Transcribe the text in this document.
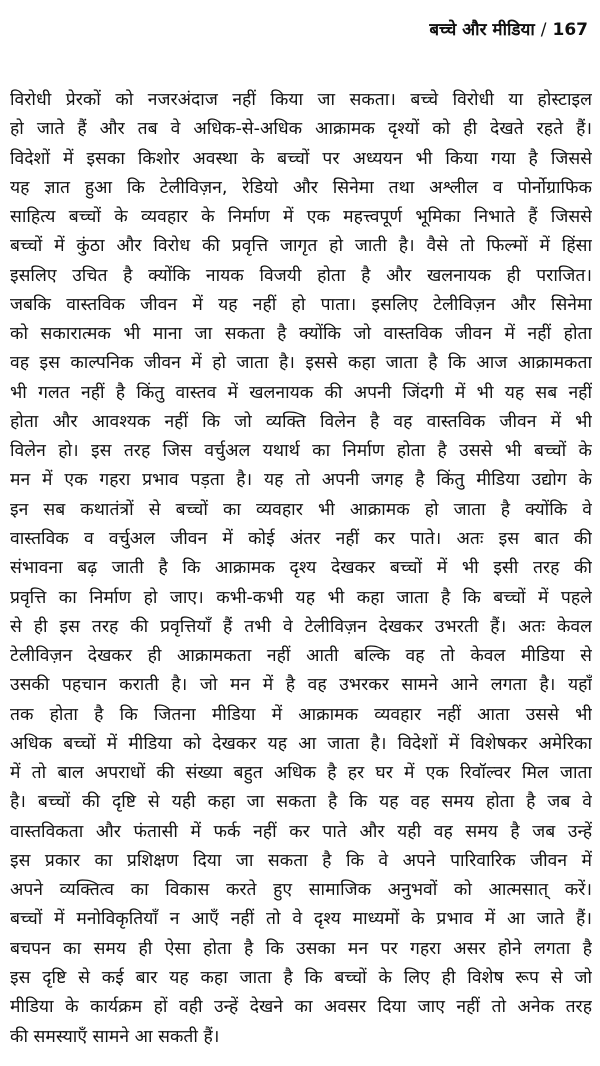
बच्चे और मीडिया / 167
विरोधी प्रेरकों को नजरअंदाज नहीं किया जा सकता। बच्चे विरोधी या होस्टाइल
हो जाते हैं और तब वे अधिक-से-अधिक आक्रामक दृश्यों को ही देखते रहते हैं।
विदेशों में इसका किशोर अवस्था के बच्चों पर अध्ययन भी किया गया है जिससे
यह ज्ञात हुआ कि टेलीविज़न, रेडियो और सिनेमा तथा अश्लील व पोर्नोग्राफिक
साहित्य बच्चों के व्यवहार के निर्माण में एक महत्त्वपूर्ण भूमिका निभाते हैं जिससे
बच्चों में कुंठा और विरोध की प्रवृत्ति जागृत हो जाती है। वैसे तो फिल्मों में हिंसा
इसलिए उचित है क्योंकि नायक विजयी होता है और खलनायक ही पराजित।
जबकि वास्तविक जीवन में यह नहीं हो पाता। इसलिए टेलीविज़न और सिनेमा
को सकारात्मक भी माना जा सकता है क्योंकि जो वास्तविक जीवन में नहीं होता
वह इस काल्पनिक जीवन में हो जाता है। इससे कहा जाता है कि आज आक्रामकता
भी गलत नहीं है किंतु वास्तव में खलनायक की अपनी जिंदगी में भी यह सब नहीं
होता और आवश्यक नहीं कि जो व्यक्ति विलेन है वह वास्तविक जीवन में भी
विलेन हो। इस तरह जिस वर्चुअल यथार्थ का निर्माण होता है उससे भी बच्चों के
मन में एक गहरा प्रभाव पड़ता है। यह तो अपनी जगह है किंतु मीडिया उद्योग के
इन सब कथातंत्रों से बच्चों का व्यवहार भी आक्रामक हो जाता है क्योंकि वे
वास्तविक व वर्चुअल जीवन में कोई अंतर नहीं कर पाते। अतः इस बात की
संभावना बढ़ जाती है कि आक्रामक दृश्य देखकर बच्चों में भी इसी तरह की
प्रवृत्ति का निर्माण हो जाए। कभी-कभी यह भी कहा जाता है कि बच्चों में पहले
से ही इस तरह की प्रवृत्तियाँ हैं तभी वे टेलीविज़न देखकर उभरती हैं। अतः केवल
टेलीविज़न देखकर ही आक्रामकता नहीं आती बल्कि वह तो केवल मीडिया से
उसकी पहचान कराती है। जो मन में है वह उभरकर सामने आने लगता है। यहाँ
तक होता है कि जितना मीडिया में आक्रामक व्यवहार नहीं आता उससे भी
अधिक बच्चों में मीडिया को देखकर यह आ जाता है। विदेशों में विशेषकर अमेरिका
में तो बाल अपराधों की संख्या बहुत अधिक है हर घर में एक रिवॉल्वर मिल जाता
है। बच्चों की दृष्टि से यही कहा जा सकता है कि यह वह समय होता है जब वे
वास्तविकता और फंतासी में फर्क नहीं कर पाते और यही वह समय है जब उन्हें
इस प्रकार का प्रशिक्षण दिया जा सकता है कि वे अपने पारिवारिक जीवन में
अपने व्यक्तित्व का विकास करते हुए सामाजिक अनुभवों को आत्मसात् करें।
बच्चों में मनोविकृतियाँ न आएँ नहीं तो वे दृश्य माध्यमों के प्रभाव में आ जाते हैं।
बचपन का समय ही ऐसा होता है कि उसका मन पर गहरा असर होने लगता है
इस दृष्टि से कई बार यह कहा जाता है कि बच्चों के लिए ही विशेष रूप से जो
मीडिया के कार्यक्रम हों वही उन्हें देखने का अवसर दिया जाए नहीं तो अनेक तरह
की समस्याएँ सामने आ सकती हैं।
